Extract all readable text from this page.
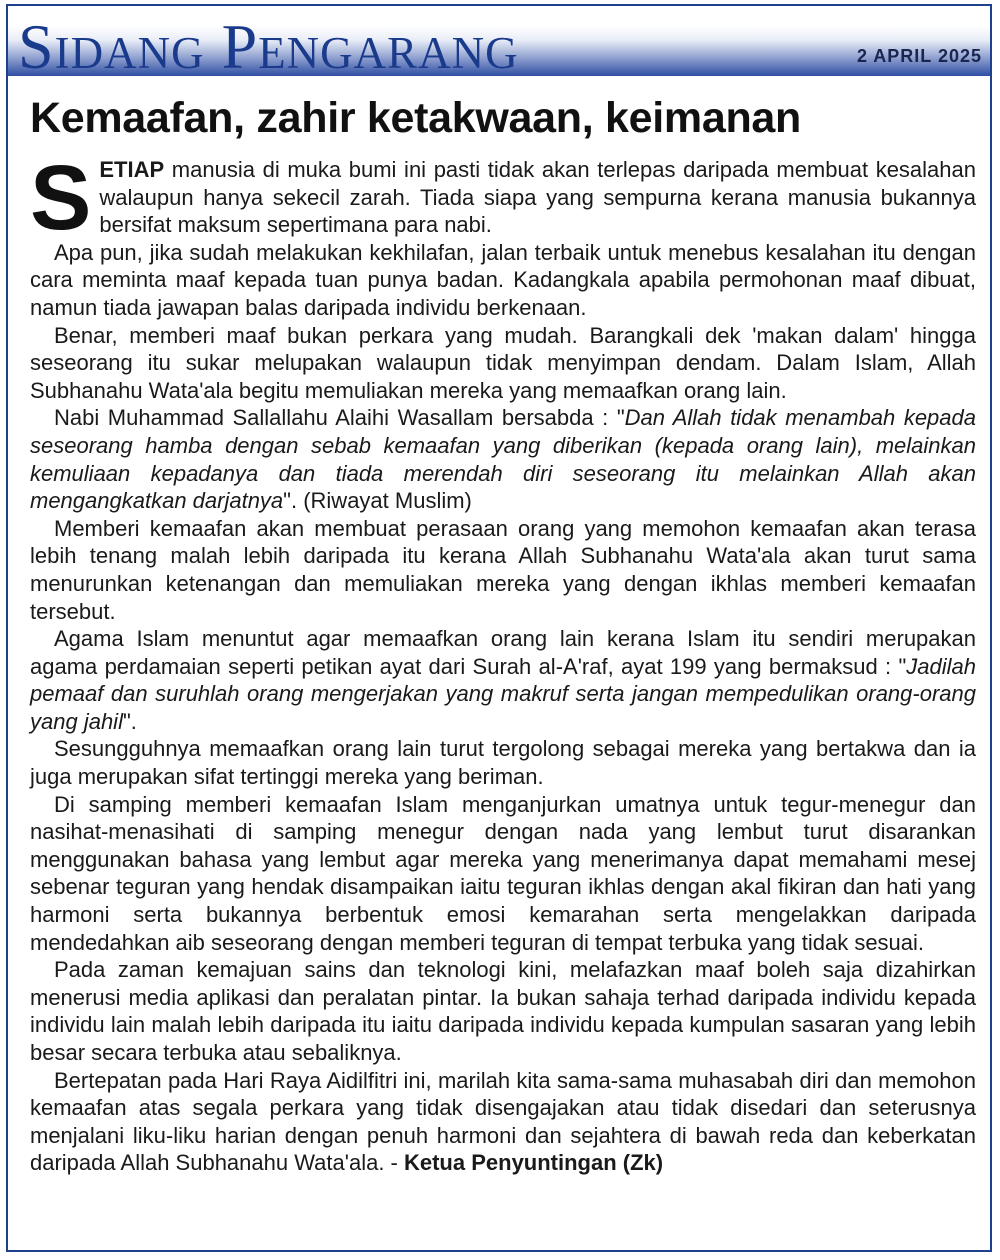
Sidang Pengarang	2 APRIL 2025
Kemaafan, zahir ketakwaan, keimanan

SETIAP manusia di muka bumi ini pasti tidak akan terlepas daripada membuat kesalahan walaupun hanya sekecil zarah. Tiada siapa yang sempurna kerana manusia bukannya bersifat maksum sepertimana para nabi.

Apa pun, jika sudah melakukan kekhilafan, jalan terbaik untuk menebus kesalahan itu dengan cara meminta maaf kepada tuan punya badan. Kadangkala apabila permohonan maaf dibuat, namun tiada jawapan balas daripada individu berkenaan.

Benar, memberi maaf bukan perkara yang mudah. Barangkali dek 'makan dalam' hingga seseorang itu sukar melupakan walaupun tidak menyimpan dendam. Dalam Islam, Allah Subhanahu Wata'ala begitu memuliakan mereka yang memaafkan orang lain.

Nabi Muhammad Sallallahu Alaihi Wasallam bersabda : "Dan Allah tidak menambah kepada seseorang hamba dengan sebab kemaafan yang diberikan (kepada orang lain), melainkan kemuliaan kepadanya dan tiada merendah diri seseorang itu melainkan Allah akan mengangkatkan darjatnya". (Riwayat Muslim)

Memberi kemaafan akan membuat perasaan orang yang memohon kemaafan akan terasa lebih tenang malah lebih daripada itu kerana Allah Subhanahu Wata'ala akan turut sama menurunkan ketenangan dan memuliakan mereka yang dengan ikhlas memberi kemaafan tersebut.

Agama Islam menuntut agar memaafkan orang lain kerana Islam itu sendiri merupakan agama perdamaian seperti petikan ayat dari Surah al-A'raf, ayat 199 yang bermaksud : "Jadilah pemaaf dan suruhlah orang mengerjakan yang makruf serta jangan mempedulikan orang-orang yang jahil".

Sesungguhnya memaafkan orang lain turut tergolong sebagai mereka yang bertakwa dan ia juga merupakan sifat tertinggi mereka yang beriman.

Di samping memberi kemaafan Islam menganjurkan umatnya untuk tegur-menegur dan nasihat-menasihati di samping menegur dengan nada yang lembut turut disarankan menggunakan bahasa yang lembut agar mereka yang menerimanya dapat memahami mesej sebenar teguran yang hendak disampaikan iaitu teguran ikhlas dengan akal fikiran dan hati yang harmoni serta bukannya berbentuk emosi kemarahan serta mengelakkan daripada mendedahkan aib seseorang dengan memberi teguran di tempat terbuka yang tidak sesuai.

Pada zaman kemajuan sains dan teknologi kini, melafazkan maaf boleh saja dizahirkan menerusi media aplikasi dan peralatan pintar. Ia bukan sahaja terhad daripada individu kepada individu lain malah lebih daripada itu iaitu daripada individu kepada kumpulan sasaran yang lebih besar secara terbuka atau sebaliknya.

Bertepatan pada Hari Raya Aidilfitri ini, marilah kita sama-sama muhasabah diri dan memohon kemaafan atas segala perkara yang tidak disengajakan atau tidak disedari dan seterusnya menjalani liku-liku harian dengan penuh harmoni dan sejahtera di bawah reda dan keberkatan daripada Allah Subhanahu Wata'ala. - Ketua Penyuntingan (Zk)
